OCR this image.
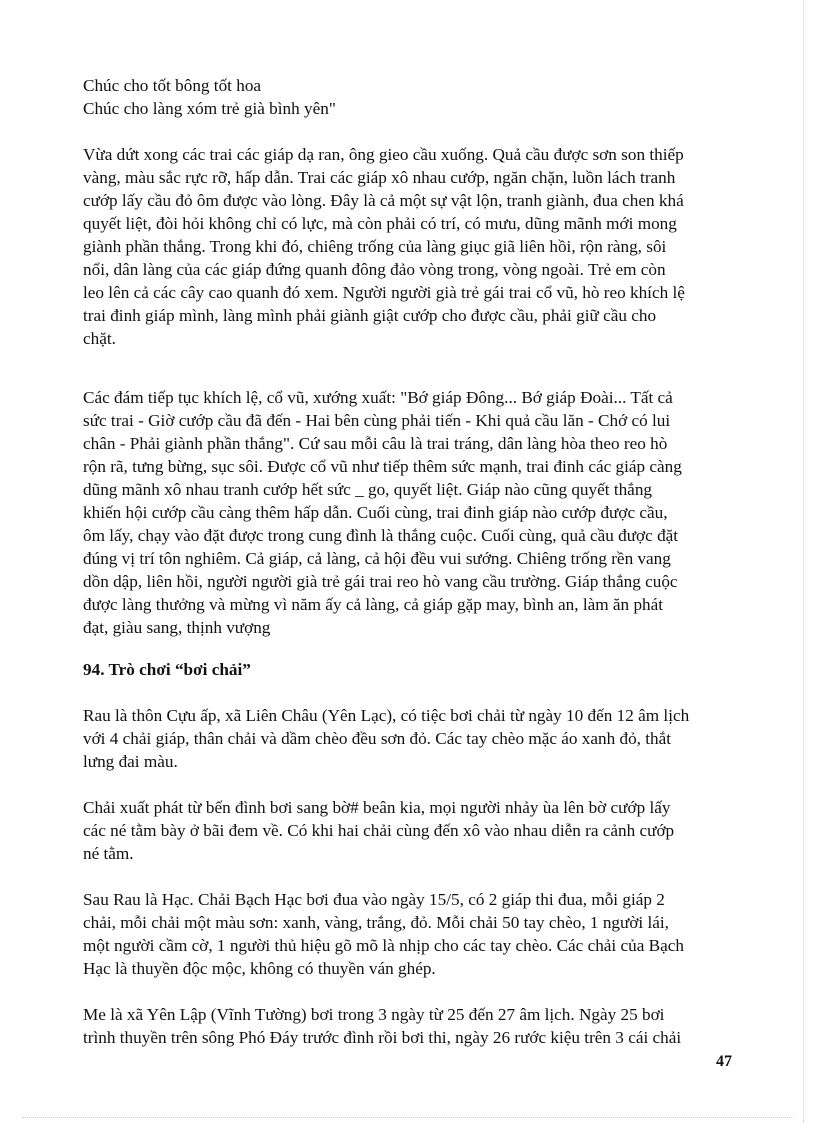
Chúc cho tốt bông tốt hoa
Chúc cho làng xóm trẻ già bình yên"
Vừa dứt xong các trai các giáp dạ ran, ông gieo cầu xuống. Quả cầu được sơn son thiếp
vàng, màu sắc rực rỡ, hấp dẫn. Trai các giáp xô nhau cướp, ngăn chặn, luồn lách tranh
cướp lấy cầu đỏ ôm được vào lòng. Đây là cả một sự vật lộn, tranh giành, đua chen khá
quyết liệt, đòi hỏi không chỉ có lực, mà còn phải có trí, có mưu, dũng mãnh mới mong
giành phần thắng. Trong khi đó, chiêng trống của làng giục giã liên hồi, rộn ràng, sôi
nổi, dân làng của các giáp đứng quanh đông đảo vòng trong, vòng ngoài. Trẻ em còn
leo lên cả các cây cao quanh đó xem. Người người già trẻ gái trai cổ vũ, hò reo khích lệ
trai đinh giáp mình, làng mình phải giành giật cướp cho được cầu, phải giữ cầu cho
chặt.
Các đám tiếp tục khích lệ, cổ vũ, xướng xuất: "Bớ giáp Đông... Bớ giáp Đoài... Tất cả
sức trai - Giờ cướp cầu đã đến - Hai bên cùng phải tiến - Khi quả cầu lăn - Chớ có lui
chân - Phải giành phần thắng". Cứ sau mỗi câu là trai tráng, dân làng hòa theo reo hò
rộn rã, tưng bừng, sục sôi. Được cổ vũ như tiếp thêm sức mạnh, trai đinh các giáp càng
dũng mãnh xô nhau tranh cướp hết sức _ go, quyết liệt. Giáp nào cũng quyết thắng
khiến hội cướp cầu càng thêm hấp dẫn. Cuối cùng, trai đinh giáp nào cướp được cầu,
ôm lấy, chạy vào đặt được trong cung đình là thắng cuộc. Cuối cùng, quả cầu được đặt
đúng vị trí tôn nghiêm. Cả giáp, cả làng, cả hội đều vui sướng. Chiêng trống rền vang
dồn dập, liên hồi, người người già trẻ gái trai reo hò vang cầu trường. Giáp thắng cuộc
được làng thưởng và mừng vì năm ấy cả làng, cả giáp gặp may, bình an, làm ăn phát
đạt, giàu sang, thịnh vượng
94. Trò chơi “bơi chải”
Rau là thôn Cựu ấp, xã Liên Châu (Yên Lạc), có tiệc bơi chải từ ngày 10 đến 12 âm lịch
với 4 chải giáp, thân chải và dầm chèo đều sơn đỏ. Các tay chèo mặc áo xanh đỏ, thắt
lưng đai màu.
Chải xuất phát từ bến đình bơi sang bờ# beân kia, mọi người nhảy ùa lên bờ cướp lấy
các né tằm bày ở bãi đem về. Có khi hai chải cùng đến xô vào nhau diễn ra cảnh cướp
né tằm.
Sau Rau là Hạc. Chải Bạch Hạc bơi đua vào ngày 15/5, có 2 giáp thi đua, mỗi giáp 2
chải, mỗi chải một màu sơn: xanh, vàng, trắng, đỏ. Mỗi chải 50 tay chèo, 1 người lái,
một người cầm cờ, 1 người thủ hiệu gõ mõ là nhịp cho các tay chèo. Các chải của Bạch
Hạc là thuyền độc mộc, không có thuyền ván ghép.
Me là xã Yên Lập (Vĩnh Tường) bơi trong 3 ngày từ 25 đến 27 âm lịch. Ngày 25 bơi
trình thuyền trên sông Phó Đáy trước đình rồi bơi thi, ngày 26 rước kiệu trên 3 cái chải
47
